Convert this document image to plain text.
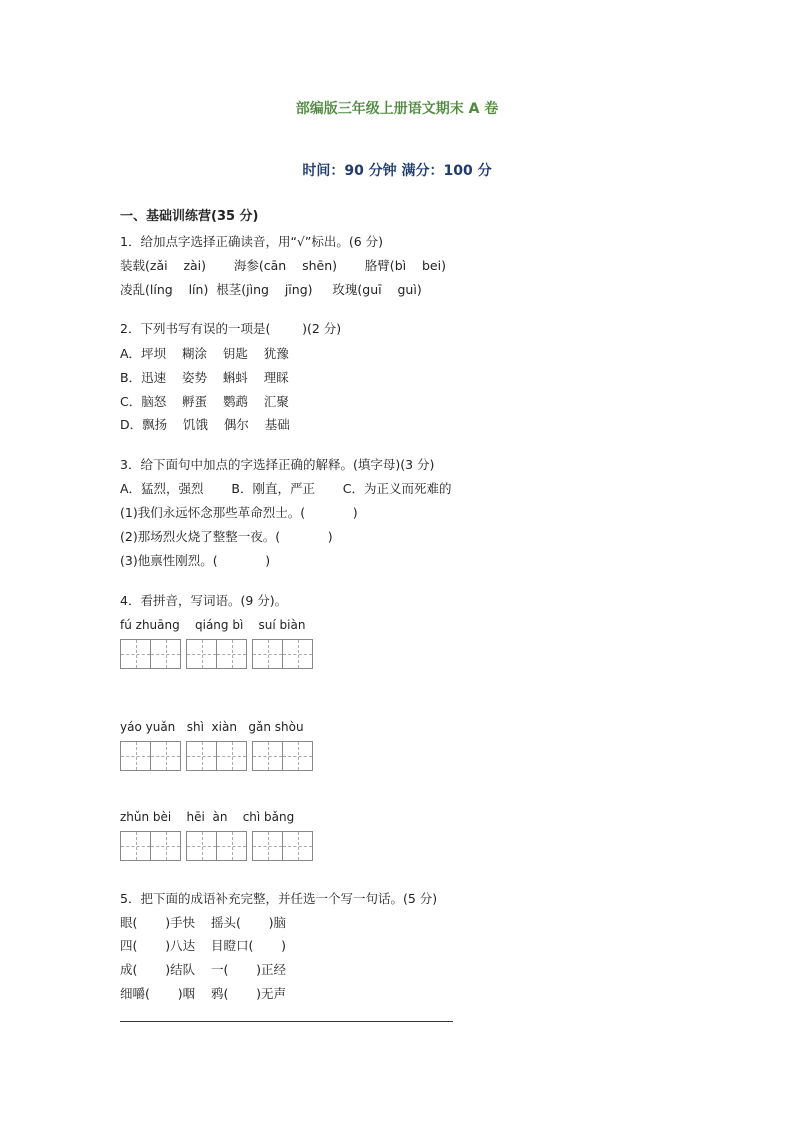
部编版三年级上册语文期末 A 卷
时间：90 分钟 满分：100 分
一、基础训练营(35 分)
1．给加点字选择正确读音，用“√”标出。(6 分)
装载(zǎi    zài)       海参(cān    shēn)       胳臂(bì    bei)
凌乱(líng    lín)  根茎(jìng    jīng)     玫瑰(guī    guì)
2．下列书写有误的一项是(        )(2 分)
A．坪坝    糊涂    钥匙    犹豫
B．迅速    姿势    蝌蚪    理睬
C．脑怒    孵蛋    鹦鹉    汇聚
D．飘扬    饥饿    偶尔    基础
3．给下面句中加点的字选择正确的解释。(填字母)(3 分)
A．猛烈，强烈       B．刚直，严正       C．为正义而死难的
(1)我们永远怀念那些革命烈士。(            )
(2)那场烈火烧了整整一夜。(            )
(3)他禀性刚烈。(            )
4．看拼音，写词语。(9 分)。
fú zhuāng    qiáng bì    suí biàn
yáo yuǎn   shì  xiàn   gǎn shòu
zhǔn bèi    hēi  àn    chì bǎng
5．把下面的成语补充完整，并任选一个写一句话。(5 分)
眼(       )手快    摇头(       )脑
四(       )八达    目瞪口(       )
成(       )结队    一(       )正经
细嚼(       )咽    鸦(       )无声
